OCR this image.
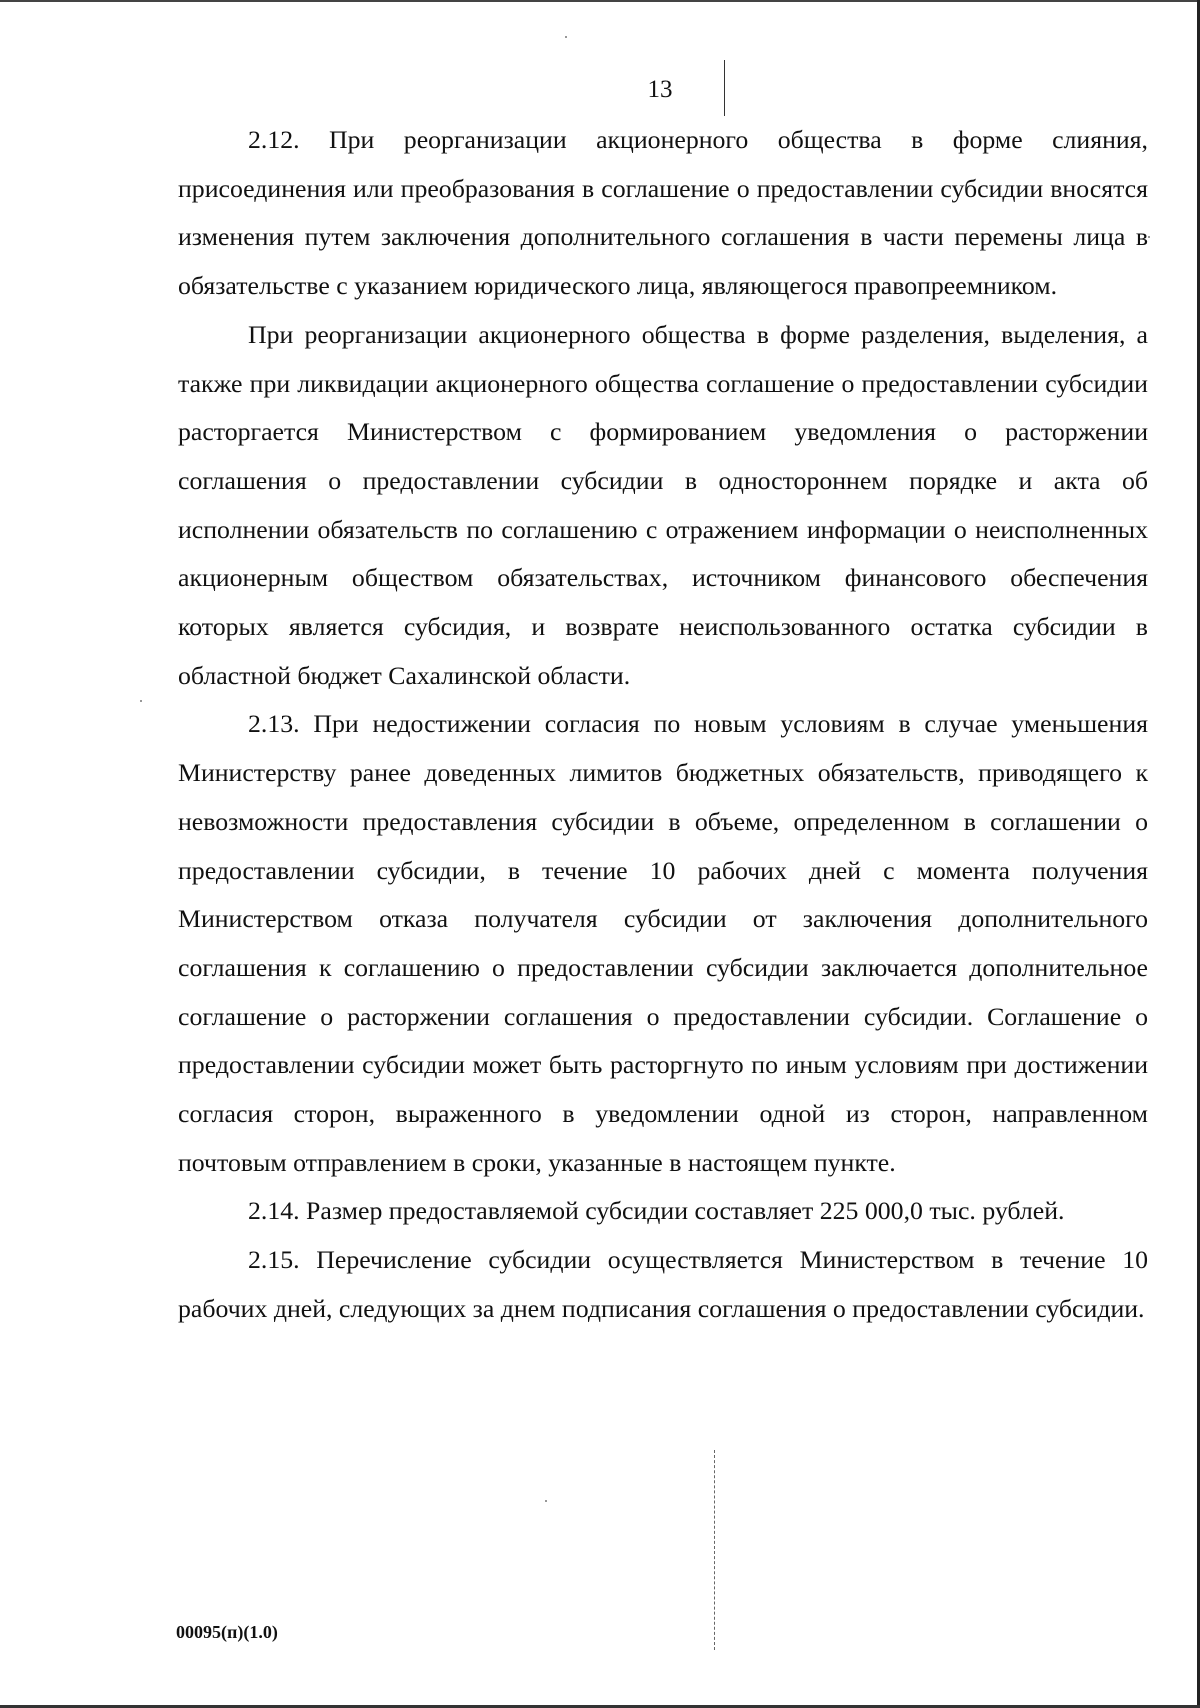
13

2.12. При реорганизации акционерного общества в форме слияния, присоединения или преобразования в соглашение о предоставлении субсидии вносятся изменения путем заключения дополнительного соглашения в части перемены лица в обязательстве с указанием юридического лица, являющегося правопреемником.

При реорганизации акционерного общества в форме разделения, выделения, а также при ликвидации акционерного общества соглашение о предоставлении субсидии расторгается Министерством с формированием уведомления о расторжении соглашения о предоставлении субсидии в одностороннем порядке и акта об исполнении обязательств по соглашению с отражением информации о неисполненных акционерным обществом обязательствах, источником финансового обеспечения которых является субсидия, и возврате неиспользованного остатка субсидии в областной бюджет Сахалинской области.

2.13. При недостижении согласия по новым условиям в случае уменьшения Министерству ранее доведенных лимитов бюджетных обязательств, приводящего к невозможности предоставления субсидии в объеме, определенном в соглашении о предоставлении субсидии, в течение 10 рабочих дней с момента получения Министерством отказа получателя субсидии от заключения дополнительного соглашения к соглашению о предоставлении субсидии заключается дополнительное соглашение о расторжении соглашения о предоставлении субсидии. Соглашение о предоставлении субсидии может быть расторгнуто по иным условиям при достижении согласия сторон, выраженного в уведомлении одной из сторон, направленном почтовым отправлением в сроки, указанные в настоящем пункте.

2.14. Размер предоставляемой субсидии составляет 225 000,0 тыс. рублей.

2.15. Перечисление субсидии осуществляется Министерством в течение 10 рабочих дней, следующих за днем подписания соглашения о предоставлении субсидии.

00095(п)(1.0)
